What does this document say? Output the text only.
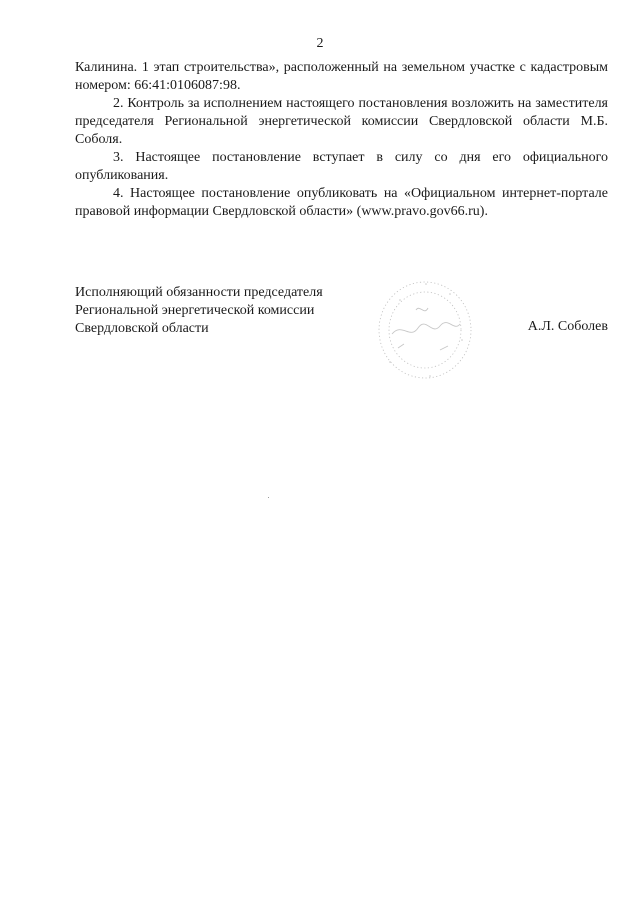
2

Калинина. 1 этап строительства», расположенный на земельном участке с кадастровым номером: 66:41:0106087:98.

2. Контроль за исполнением настоящего постановления возложить на заместителя председателя Региональной энергетической комиссии Свердловской области М.Б. Соболя.

3. Настоящее постановление вступает в силу со дня его официального опубликования.

4. Настоящее постановление опубликовать на «Официальном интернет-портале правовой информации Свердловской области» (www.pravo.gov66.ru).

Исполняющий обязанности председателя
Региональной энергетической комиссии
Свердловской области	А.Л. Соболев
